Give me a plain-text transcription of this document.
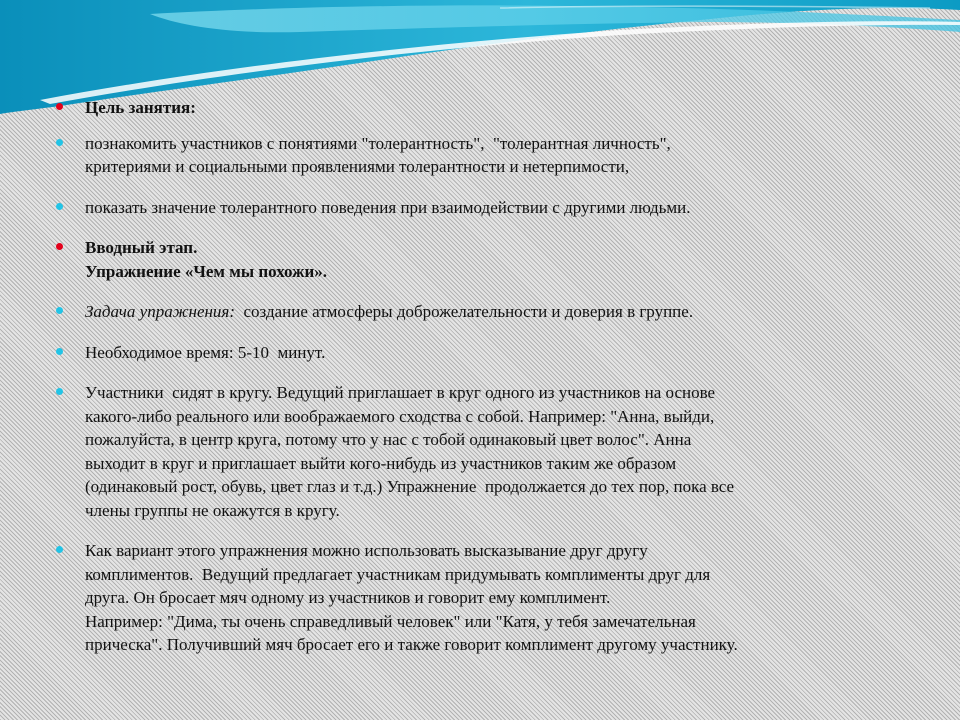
Цель занятия:
познакомить участников с понятиями "толерантность",  "толерантная личность",
критериями и социальными проявлениями толерантности и нетерпимости,
показать значение толерантного поведения при взаимодействии с другими людьми.
Вводный этап.
Упражнение «Чем мы похожи».
Задача упражнения:  создание атмосферы доброжелательности и доверия в группе.
Необходимое время: 5-10  минут.
Участники  сидят в кругу. Ведущий приглашает в круг одного из участников на основе
какого-либо реального или воображаемого сходства с собой. Например: "Анна, выйди,
пожалуйста, в центр круга, потому что у нас с тобой одинаковый цвет волос". Анна
выходит в круг и приглашает выйти кого-нибудь из участников таким же образом
(одинаковый рост, обувь, цвет глаз и т.д.) Упражнение  продолжается до тех пор, пока все
члены группы не окажутся в кругу.
Как вариант этого упражнения можно использовать высказывание друг другу
комплиментов.  Ведущий предлагает участникам придумывать комплименты друг для
друга. Он бросает мяч одному из участников и говорит ему комплимент.
Например: "Дима, ты очень справедливый человек" или "Катя, у тебя замечательная
прическа". Получивший мяч бросает его и также говорит комплимент другому участнику.
